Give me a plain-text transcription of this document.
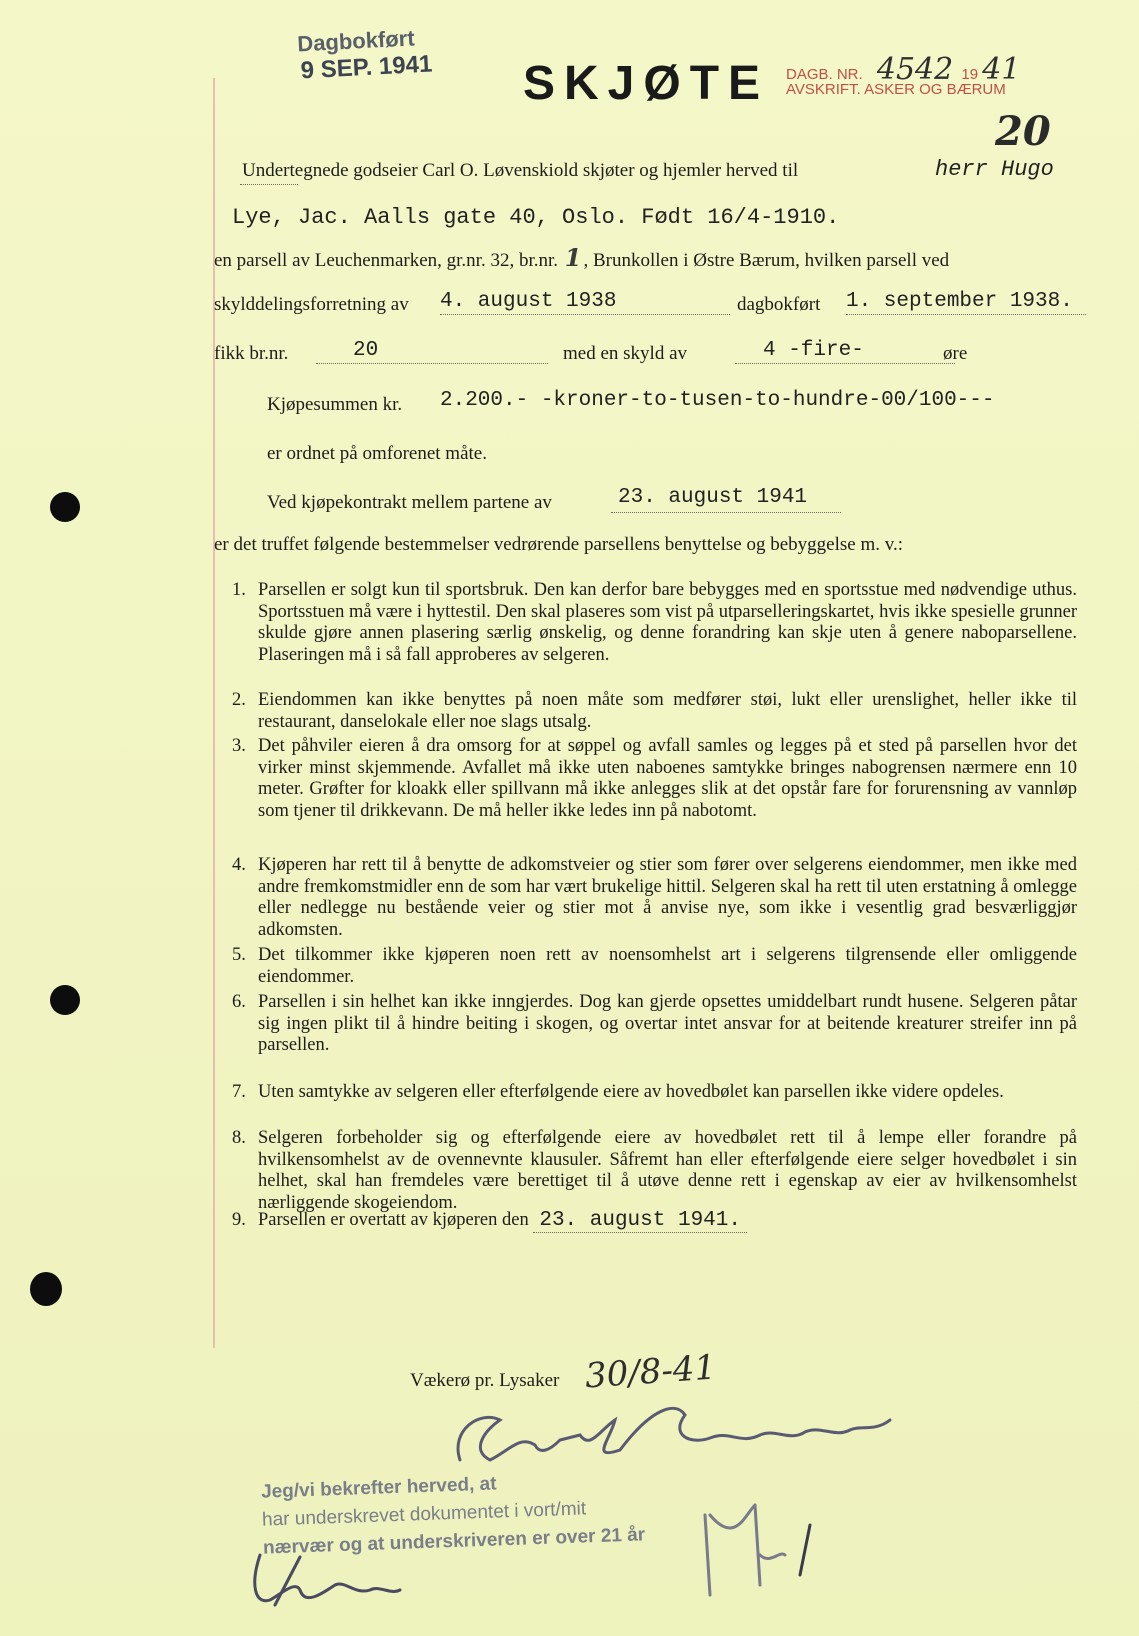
Dagbokført
9 SEP. 1941 SKJØTE DAGB. NR. 4542 19 41
AVSKRIFT. ASKER OG BÆRUM
20
Undertegnede godseier Carl O. Løvenskiold skjøter og hjemler herved til	herr Hugo
Lye, Jac. Aalls gate 40, Oslo. Født 16/4-1910.
en parsell av Leuchenmarken, gr.nr. 32, br.nr. 1 , Brunkollen i Østre Bærum, hvilken parsell ved
skylddelingsforretning av 4. august 1938	dagbokført 1. september 1938.
fikk br.nr.	20	med en skyld av	4 -fire-	øre
Kjøpesummen kr. 2.200.- -kroner-to-tusen-to-hundre-00/100---
er ordnet på omforenet måte.
Ved kjøpekontrakt mellem partene av	23. august 1941
er det truffet følgende bestemmelser vedrørende parsellens benyttelse og bebyggelse m. v.:
1. Parsellen er solgt kun til sportsbruk. Den kan derfor bare bebygges med en sportsstue med nødvendige uthus. Sportsstuen må være i hyttestil. Den skal plaseres som vist på utparselleringskartet, hvis ikke spesielle grunner skulde gjøre annen plasering særlig ønskelig, og denne forandring kan skje uten å genere naboparsellene. Plaseringen må i så fall approberes av selgeren.
2. Eiendommen kan ikke benyttes på noen måte som medfører støi, lukt eller urenslighet, heller ikke til restaurant, danselokale eller noe slags utsalg.
3. Det påhviler eieren å dra omsorg for at søppel og avfall samles og legges på et sted på parsellen hvor det virker minst skjemmende. Avfallet må ikke uten naboenes samtykke bringes nabogrensen nærmere enn 10 meter. Grøfter for kloakk eller spillvann må ikke anlegges slik at det opstår fare for forurensning av vannløp som tjener til drikkevann. De må heller ikke ledes inn på nabotomt.
4. Kjøperen har rett til å benytte de adkomstveier og stier som fører over selgerens eiendommer, men ikke med andre fremkomstmidler enn de som har vært brukelige hittil. Selgeren skal ha rett til uten erstatning å omlegge eller nedlegge nu bestående veier og stier mot å anvise nye, som ikke i vesentlig grad besværliggjør adkomsten.
5. Det tilkommer ikke kjøperen noen rett av noensomhelst art i selgerens tilgrensende eller omliggende eiendommer.
6. Parsellen i sin helhet kan ikke inngjerdes. Dog kan gjerde opsettes umiddelbart rundt husene. Selgeren påtar sig ingen plikt til å hindre beiting i skogen, og overtar intet ansvar for at beitende kreaturer streifer inn på parsellen.
7. Uten samtykke av selgeren eller efterfølgende eiere av hovedbølet kan parsellen ikke videre opdeles.
8. Selgeren forbeholder sig og efterfølgende eiere av hovedbølet rett til å lempe eller forandre på hvilkensomhelst av de ovennevnte klausuler. Såfremt han eller efterfølgende eiere selger hovedbølet i sin helhet, skal han fremdeles være berettiget til å utøve denne rett i egenskap av eier av hvilkensomhelst nærliggende skogeiendom.
9. Parsellen er overtatt av kjøperen den 23. august 1941.
Vækerø pr. Lysaker 30/8-41
Jeg/vi bekrefter herved, at
har underskrevet dokumentet i vort/mit
nærvær og at underskriveren er over 21 år
